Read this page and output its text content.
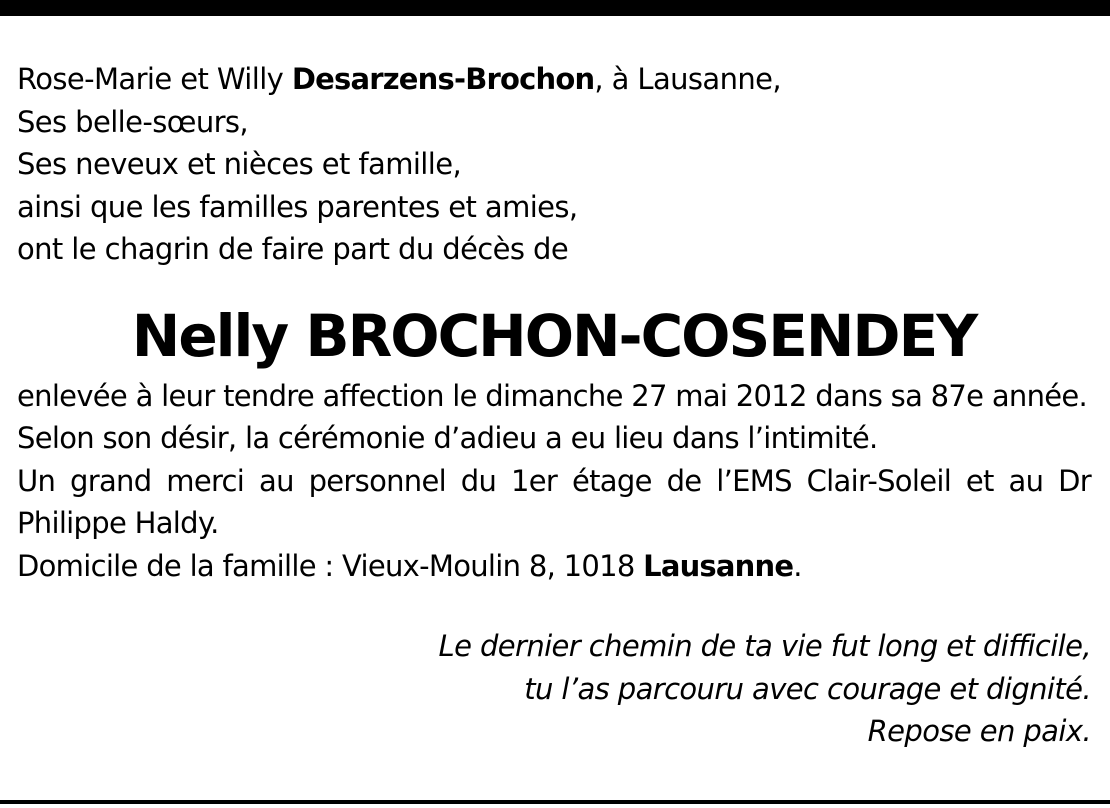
Rose-Marie et Willy Desarzens-Brochon, à Lausanne,
Ses belle-sœurs,
Ses neveux et nièces et famille,
ainsi que les familles parentes et amies,
ont le chagrin de faire part du décès de
Nelly BROCHON-COSENDEY
enlevée à leur tendre affection le dimanche 27 mai 2012 dans sa 87e année.
Selon son désir, la cérémonie d’adieu a eu lieu dans l’intimité.
Un grand merci au personnel du 1er étage de l’EMS Clair-Soleil et au Dr Philippe Haldy.
Domicile de la famille : Vieux-Moulin 8, 1018 Lausanne.
Le dernier chemin de ta vie fut long et difficile,
tu l’as parcouru avec courage et dignité.
Repose en paix.
